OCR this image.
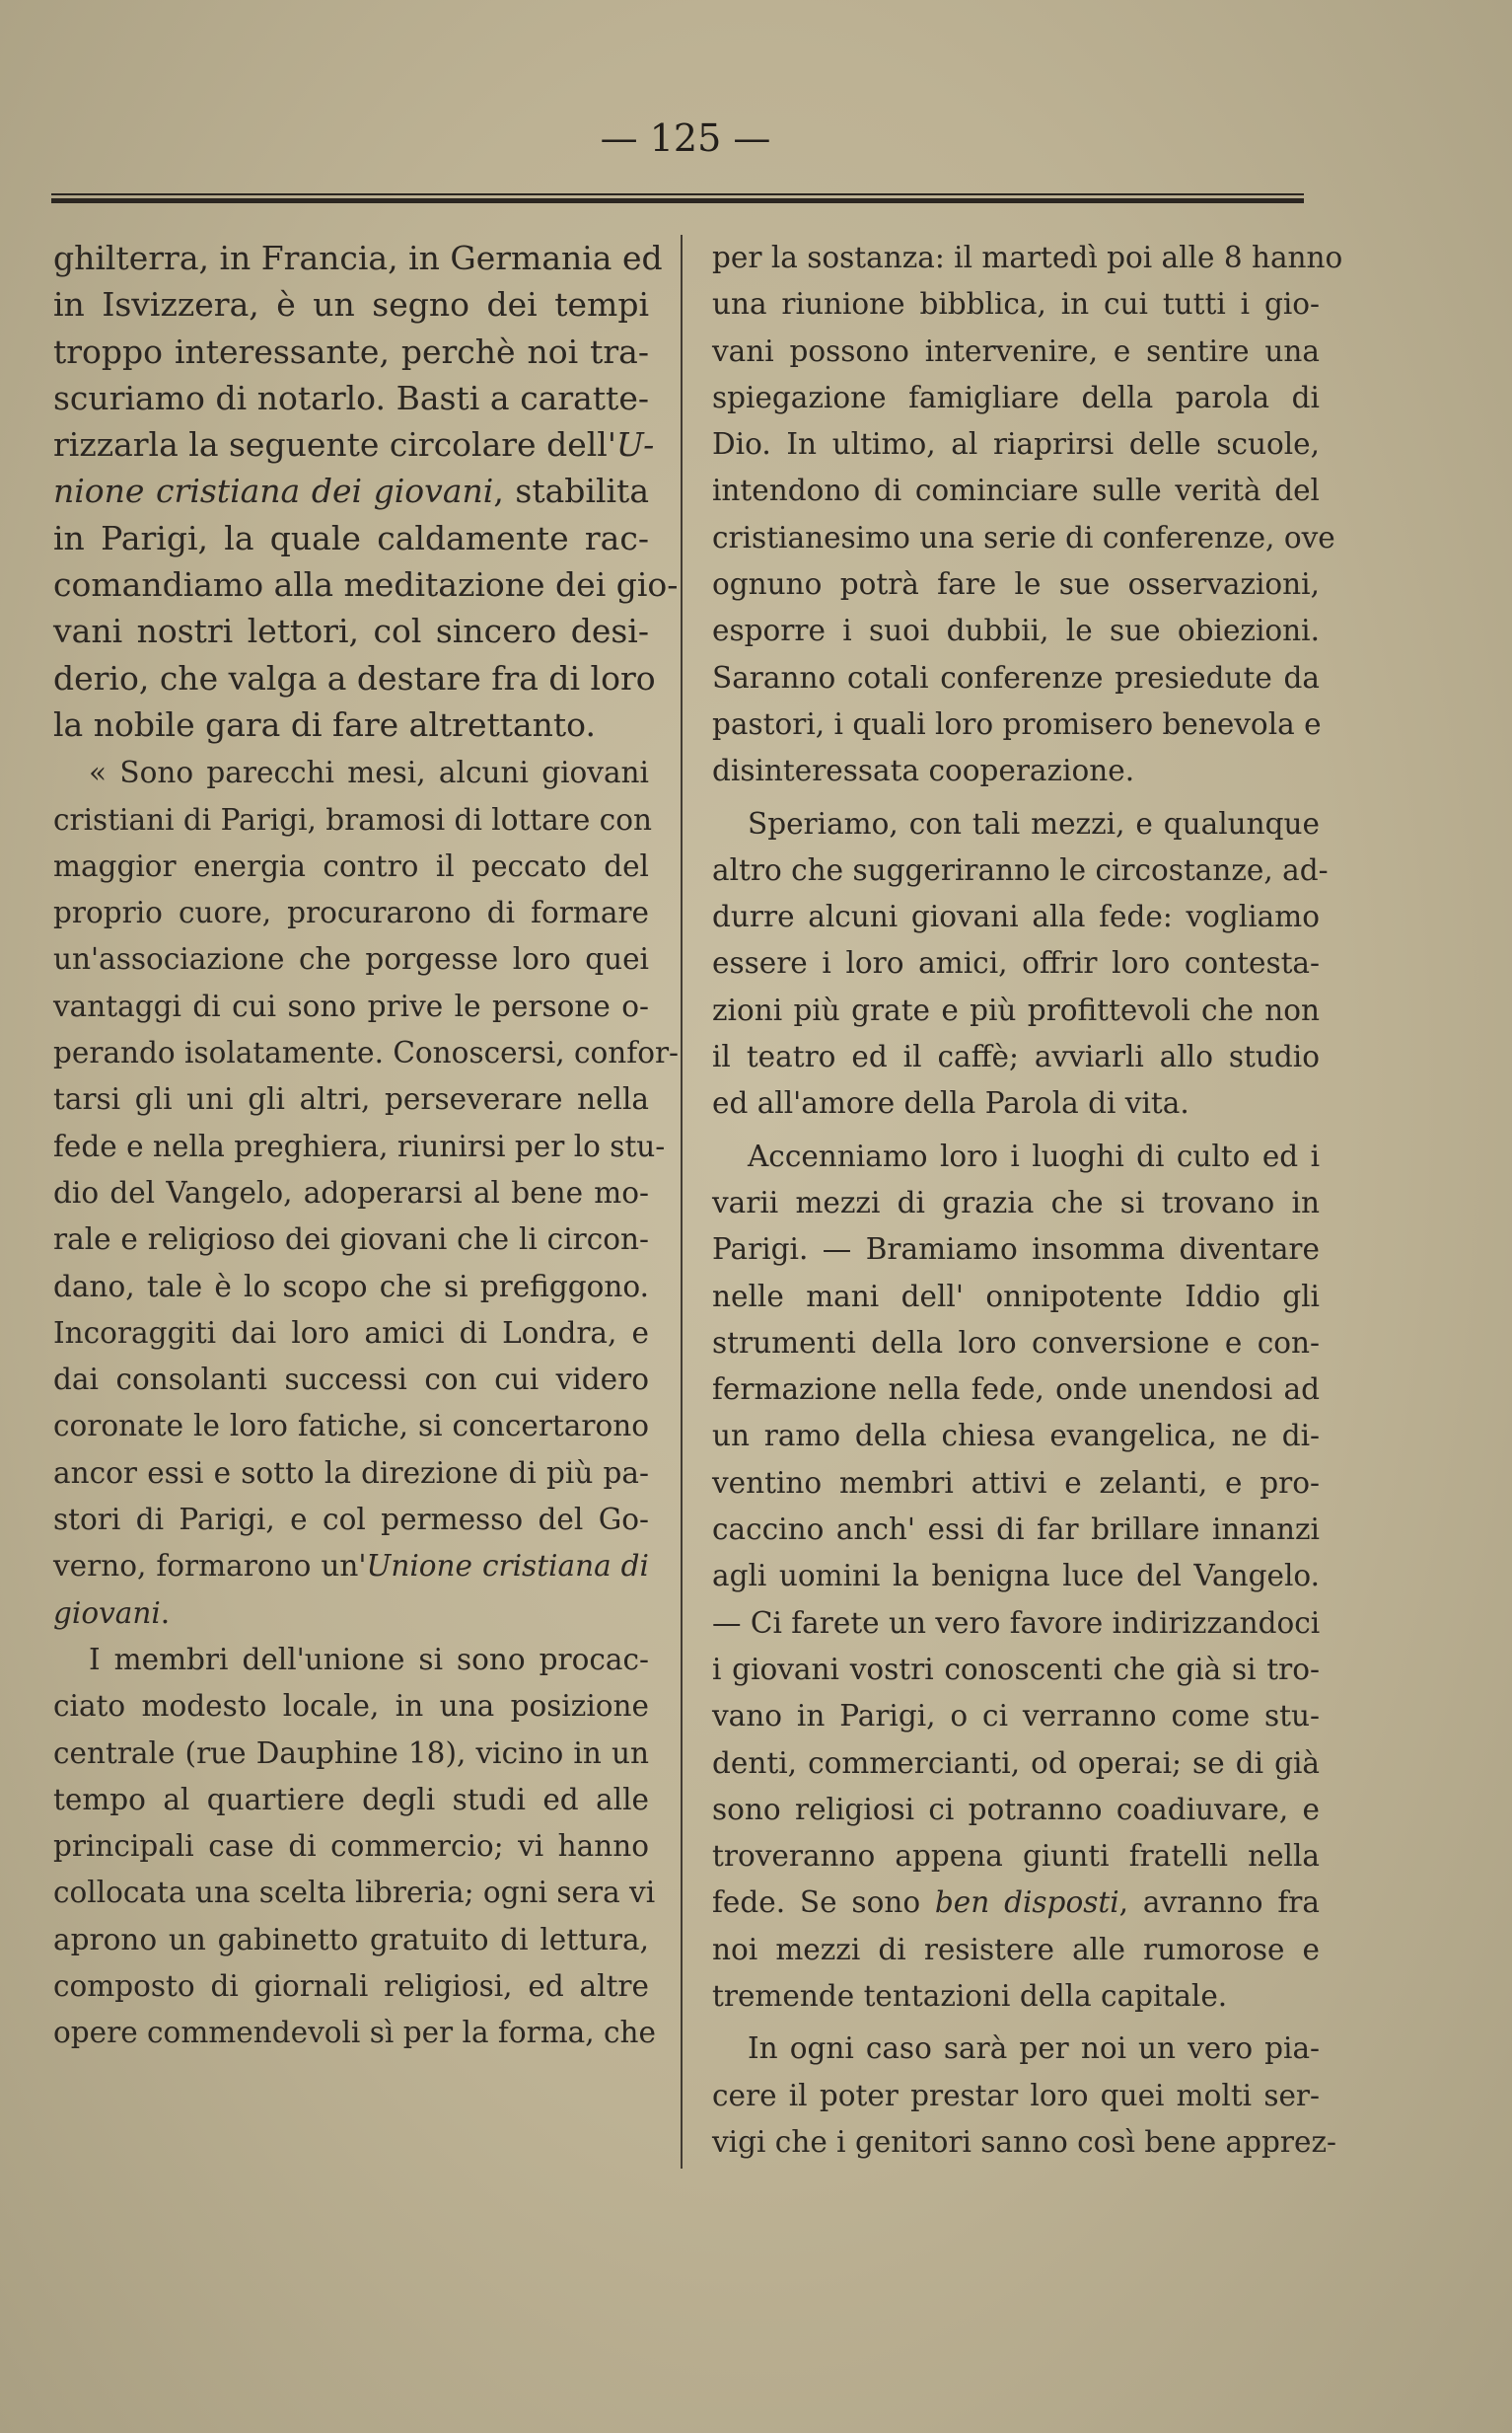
— 125 —

ghilterra, in Francia, in Germania ed
in Isvizzera, è un segno dei tempi
troppo interessante, perchè noi tra-
scuriamo di notarlo. Basti a caratte-
rizzarla la seguente circolare dell'U-
nione cristiana dei giovani, stabilita
in Parigi, la quale caldamente rac-
comandiamo alla meditazione dei gio-
vani nostri lettori, col sincero desi-
derio, che valga a destare fra di loro
la nobile gara di fare altrettanto.

« Sono parecchi mesi, alcuni giovani
cristiani di Parigi, bramosi di lottare con
maggior energia contro il peccato del
proprio cuore, procurarono di formare
un'associazione che porgesse loro quei
vantaggi di cui sono prive le persone o-
perando isolatamente. Conoscersi, confor-
tarsi gli uni gli altri, perseverare nella
fede e nella preghiera, riunirsi per lo stu-
dio del Vangelo, adoperarsi al bene mo-
rale e religioso dei giovani che li circon-
dano, tale è lo scopo che si prefiggono.
Incoraggiti dai loro amici di Londra, e
dai consolanti successi con cui videro
coronate le loro fatiche, si concertarono
ancor essi e sotto la direzione di più pa-
stori di Parigi, e col permesso del Go-
verno, formarono un'Unione cristiana di
giovani.

I membri dell'unione si sono procac-
ciato modesto locale, in una posizione
centrale (rue Dauphine 18), vicino in un
tempo al quartiere degli studi ed alle
principali case di commercio; vi hanno
collocata una scelta libreria; ogni sera vi
aprono un gabinetto gratuito di lettura,
composto di giornali religiosi, ed altre
opere commendevoli sì per la forma, che

per la sostanza: il martedì poi alle 8 hanno
una riunione bibblica, in cui tutti i gio-
vani possono intervenire, e sentire una
spiegazione famigliare della parola di
Dio. In ultimo, al riaprirsi delle scuole,
intendono di cominciare sulle verità del
cristianesimo una serie di conferenze, ove
ognuno potrà fare le sue osservazioni,
esporre i suoi dubbii, le sue obiezioni.
Saranno cotali conferenze presiedute da
pastori, i quali loro promisero benevola e
disinteressata cooperazione.

Speriamo, con tali mezzi, e qualunque
altro che suggeriranno le circostanze, ad-
durre alcuni giovani alla fede: vogliamo
essere i loro amici, offrir loro contesta-
zioni più grate e più profittevoli che non
il teatro ed il caffè; avviarli allo studio
ed all'amore della Parola di vita.

Accenniamo loro i luoghi di culto ed i
varii mezzi di grazia che si trovano in
Parigi. — Bramiamo insomma diventare
nelle mani dell' onnipotente Iddio gli
strumenti della loro conversione e con-
fermazione nella fede, onde unendosi ad
un ramo della chiesa evangelica, ne di-
ventino membri attivi e zelanti, e pro-
caccino anch' essi di far brillare innanzi
agli uomini la benigna luce del Vangelo.
— Ci farete un vero favore indirizzandoci
i giovani vostri conoscenti che già si tro-
vano in Parigi, o ci verranno come stu-
denti, commercianti, od operai; se di già
sono religiosi ci potranno coadiuvare, e
troveranno appena giunti fratelli nella
fede. Se sono ben disposti, avranno fra
noi mezzi di resistere alle rumorose e
tremende tentazioni della capitale.

In ogni caso sarà per noi un vero pia-
cere il poter prestar loro quei molti ser-
vigi che i genitori sanno così bene apprez-
